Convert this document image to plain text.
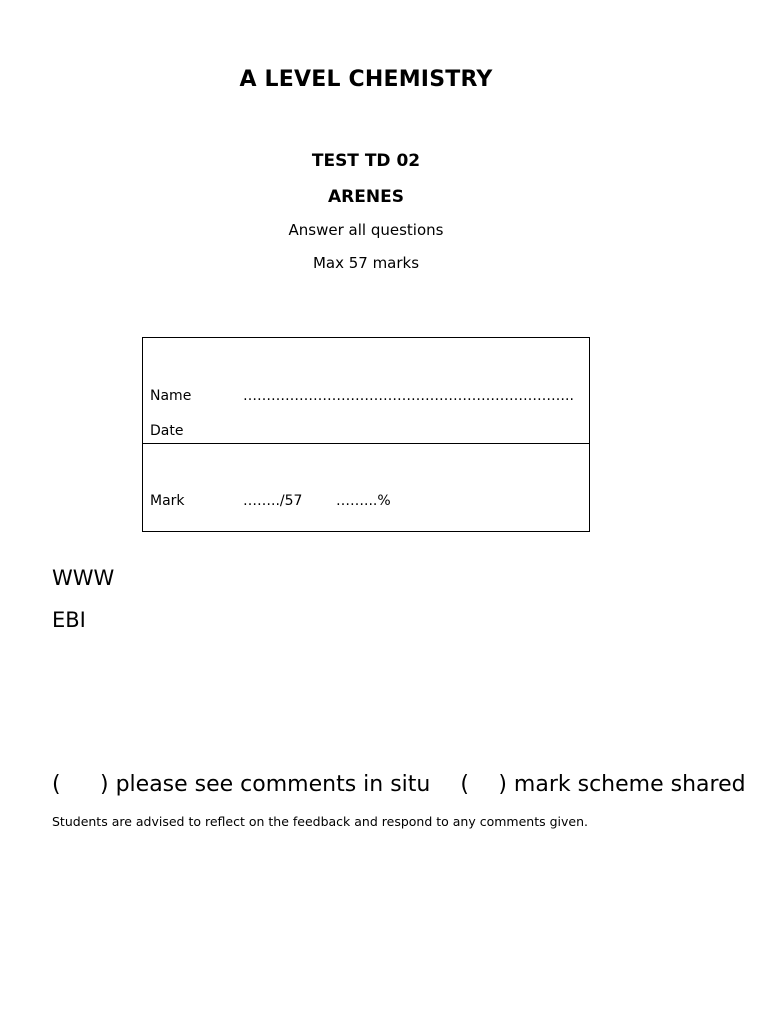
A LEVEL CHEMISTRY
TEST TD 02
ARENES
Answer all questions
Max 57 marks
Name	……………………………………………………………..
Date
Mark	……../57 ……...%
WWW
EBI
( ) please see comments in situ ( ) mark scheme shared
Students are advised to reflect on the feedback and respond to any comments given.
